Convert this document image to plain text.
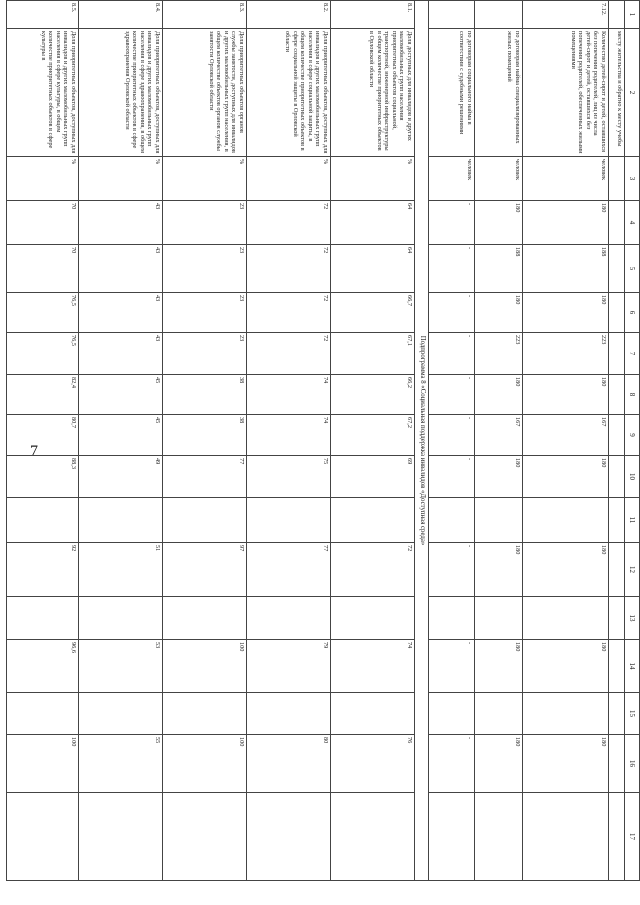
7
1	2	3	4	5	6	7	8	9	10	11	12	13	14	15	16	17
	месту жительства и обратно к месту учебы															
7.12.	Количество детей-сирот и детей, оставшихся без попечения родителей, лиц из числа детей-сирот и детей, оставшихся без попечения родителей, обеспеченных жилыми помещениями	человек	180	188	180	223	180	167	180		180		180		180	
	по договорам найма специализированных жилых помещений	человек	180	188	180	223	180	167	180		180		180		180	
	по договорам социального найма в соответствии с судебными решениями	человек	-	-	-	-	-	-	-		-		-		-	
Подпрограмма 8 «Социальная поддержка инвалидов «Доступная среда»																
8.1.	Доля доступных для инвалидов и других маломобильных групп населения приоритетных объектов социальной, транспортной, инженерной инфраструктуры в общем количестве приоритетных объектов в Орловской области	%	64	64	66,7	67,1	66,2	67,2	69		72		74		76	
8.2.	Доля приоритетных объектов, доступных для инвалидов и других маломобильных групп населения в сфере социальной защиты, в общем количестве приоритетных объектов в сфере социальной защиты в Орловской области	%	72	72	72	72	74	74	75		77		79		80	
8.3.	Доля приоритетных объектов органов службы занятости, доступных для инвалидов и других маломобильных групп населения, в общем количестве объектов органов службы занятости Орловской области	%	23	23	23	23	38	38	77		97		100		100	
8.4.	Доля приоритетных объектов, доступных для инвалидов и других маломобильных групп населения в сфере здравоохранения, в общем количестве приоритетных объектов в сфере здравоохранения Орловской области	%	43	43	43	43	45	45	49		51		53		55	
8.5.	Доля приоритетных объектов, доступных для инвалидов и других маломобильных групп населения в сфере культуры, в общем количестве приоритетных объектов в сфере культуры в	%	70	70	76,5	76,5	82,4	80,7	88,3		92		96,6		100	
